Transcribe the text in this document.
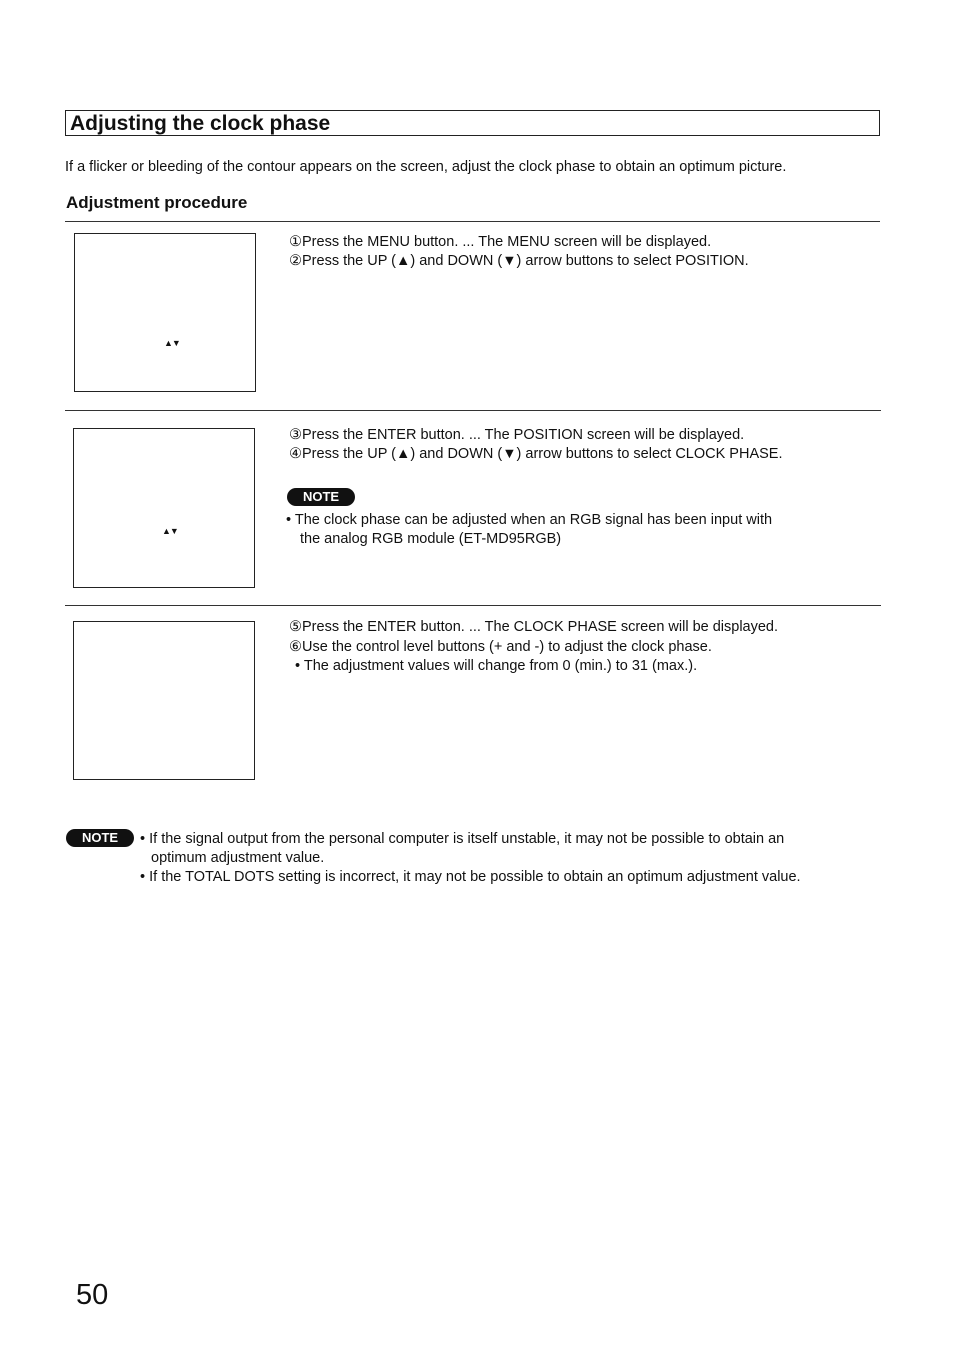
Adjusting the clock phase
If a flicker or bleeding of the contour appears on the screen, adjust the clock phase to obtain an optimum picture.
Adjustment procedure
▲▼
①Press the MENU button. ... The MENU screen will be displayed.
②Press the UP (▲) and DOWN (▼) arrow buttons to select POSITION.
▲▼
③Press the ENTER button. ... The POSITION screen will be displayed.
④Press the UP (▲) and DOWN (▼) arrow buttons to select CLOCK PHASE.
NOTE
• The clock phase can be adjusted when an RGB signal has been input with
the analog RGB module (ET-MD95RGB)
⑤Press the ENTER button. ... The CLOCK PHASE screen will be displayed.
⑥Use the control level buttons (+ and -) to adjust the clock phase.
• The adjustment values will change from 0 (min.) to 31 (max.).
NOTE	• If the signal output from the personal computer is itself unstable, it may not be possible to obtain an
optimum adjustment value.
• If the TOTAL DOTS setting is incorrect, it may not be possible to obtain an optimum adjustment value.
50
